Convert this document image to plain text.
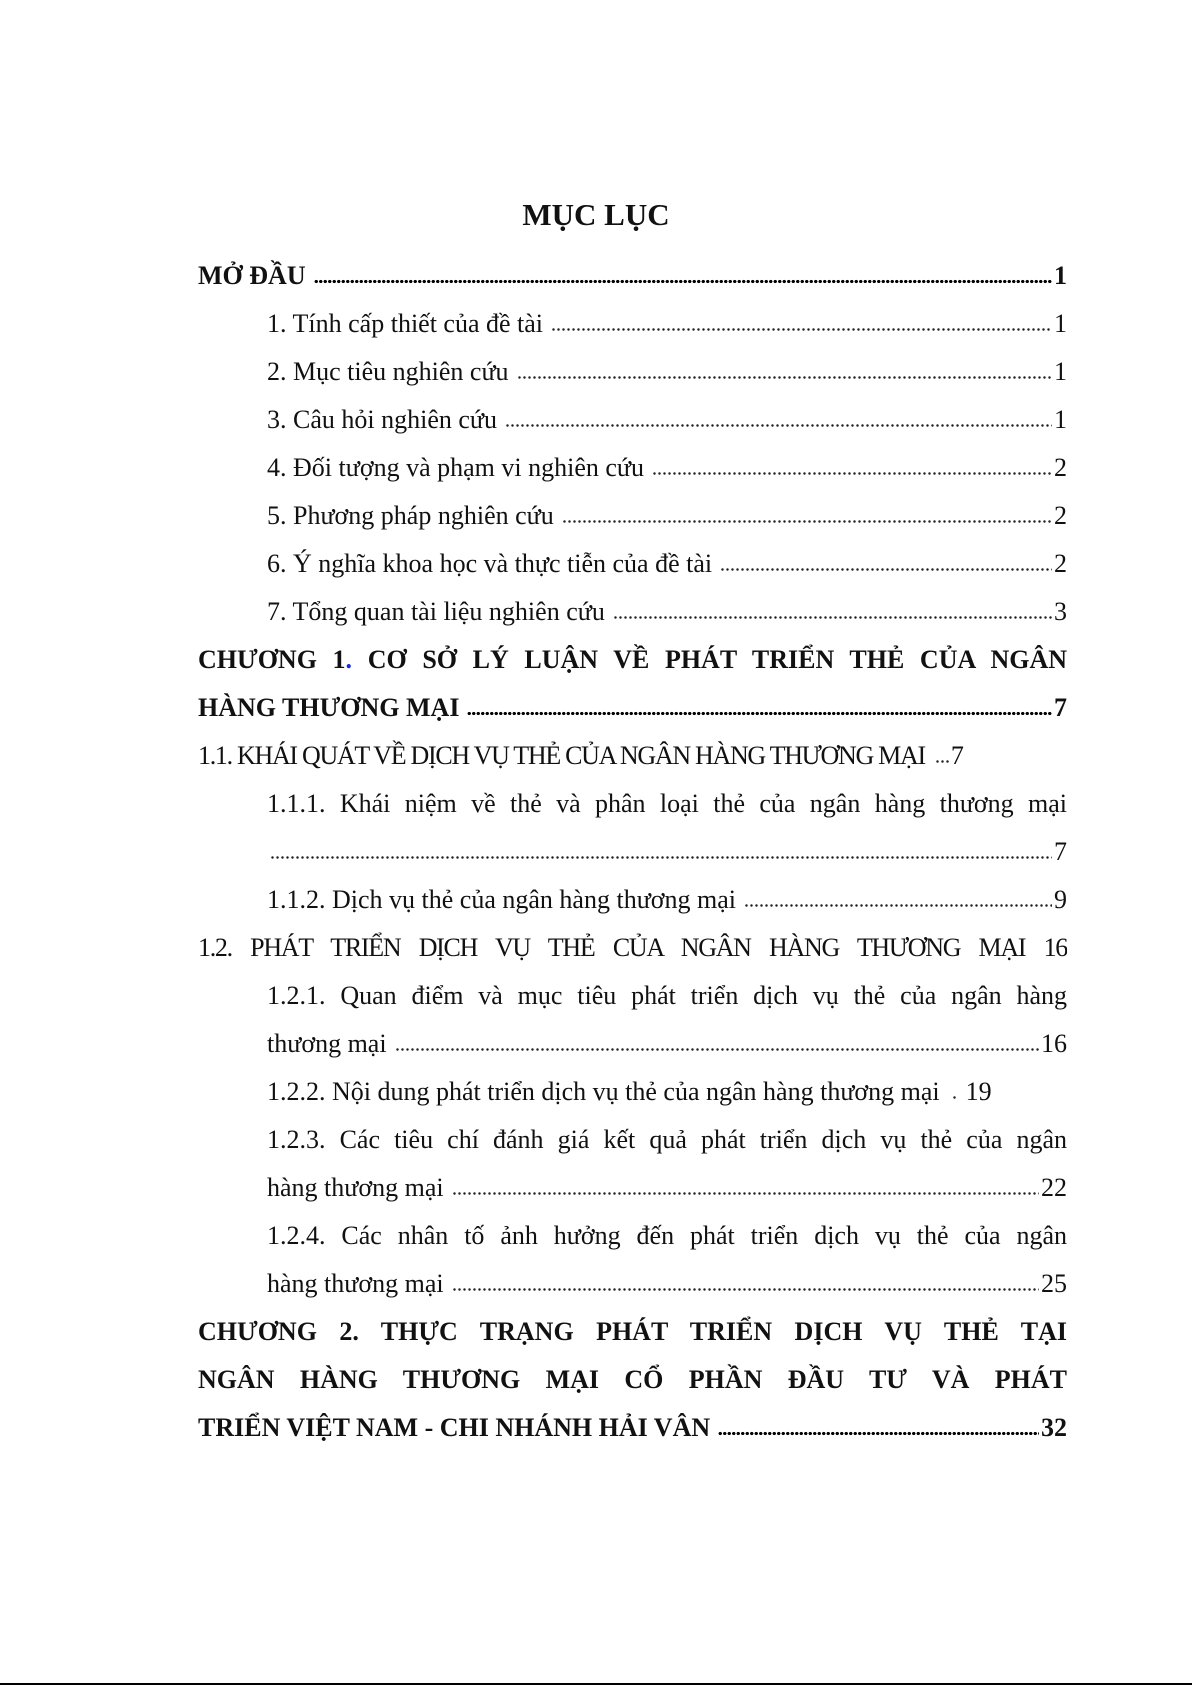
MỤC LỤC
MỞ ĐẦU	1
1. Tính cấp thiết của đề tài	1
2. Mục tiêu nghiên cứu	1
3. Câu hỏi nghiên cứu	1
4. Đối tượng và phạm vi nghiên cứu	2
5. Phương pháp nghiên cứu	2
6. Ý nghĩa khoa học và thực tiễn của đề tài	2
7. Tổng quan tài liệu nghiên cứu	3
CHƯƠNG 1. CƠ SỞ LÝ LUẬN VỀ PHÁT TRIỂN THẺ CỦA NGÂN
HÀNG THƯƠNG MẠI	7
1.1. KHÁI QUÁT VỀ DỊCH VỤ THẺ CỦA NGÂN HÀNG THƯƠNG MẠI 7
1.1.1. Khái niệm về thẻ và phân loại thẻ của ngân hàng thương mại
7
1.1.2. Dịch vụ thẻ của ngân hàng thương mại	9
1.2. PHÁT TRIỂN DỊCH VỤ THẺ CỦA NGÂN HÀNG THƯƠNG MẠI 16
1.2.1. Quan điểm và mục tiêu phát triển dịch vụ thẻ của ngân hàng
thương mại	16
1.2.2. Nội dung phát triển dịch vụ thẻ của ngân hàng thương mại 19
1.2.3. Các tiêu chí đánh giá kết quả phát triển dịch vụ thẻ của ngân
hàng thương mại	22
1.2.4. Các nhân tố ảnh hưởng đến phát triển dịch vụ thẻ của ngân
hàng thương mại	25
CHƯƠNG 2. THỰC TRẠNG PHÁT TRIỂN DỊCH VỤ THẺ TẠI
NGÂN HÀNG THƯƠNG MẠI CỔ PHẦN ĐẦU TƯ VÀ PHÁT
TRIỂN VIỆT NAM - CHI NHÁNH HẢI VÂN	32
